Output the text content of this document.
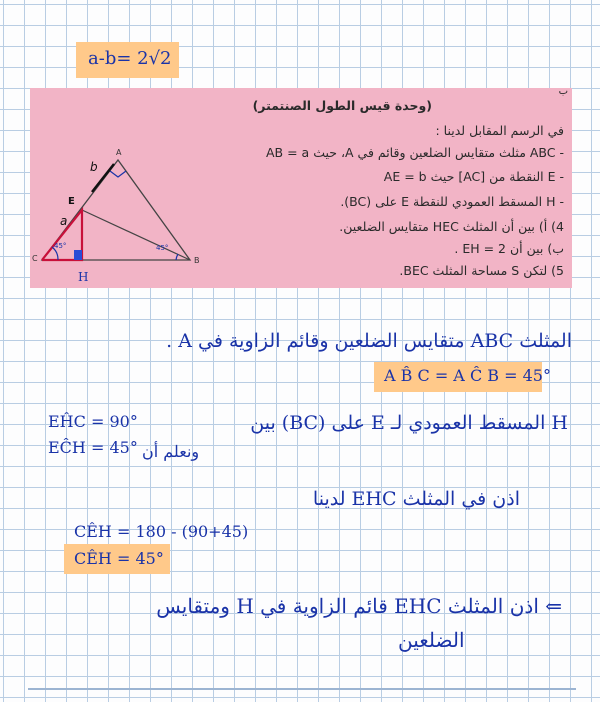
a-b= 2√2
ب
(وحدة قيس الطول الصنتمتر)
في الرسم المقابل لدينا :
- ABC مثلث متقايس الضلعين وقائم في A، حيث AB = a
- E النقطة من [AC] حيث AE = b
- H المسقط العمودي للنقطة E على (BC).
4) أ) بين أن المثلث HEC متقايس الضلعين.
ب) بين أن EH = 2 .
5) لتكن S مساحة المثلث BEC.
A
B
C
E
H
a
b
45°	45°
المثلث ABC متقايس الضلعين وقائم الزاوية في A .
A B̂ C = A Ĉ B = 45°
H المسقط العمودي لـ E على (BC) بين
ونعلم أن
EĤC = 90°
EĈH = 45°
اذن في المثلث EHC لدينا
CÊH = 180 - (90+45)
CÊH = 45°
⇐ اذن المثلث EHC قائم الزاوية في H ومتقايس
الضلعين
